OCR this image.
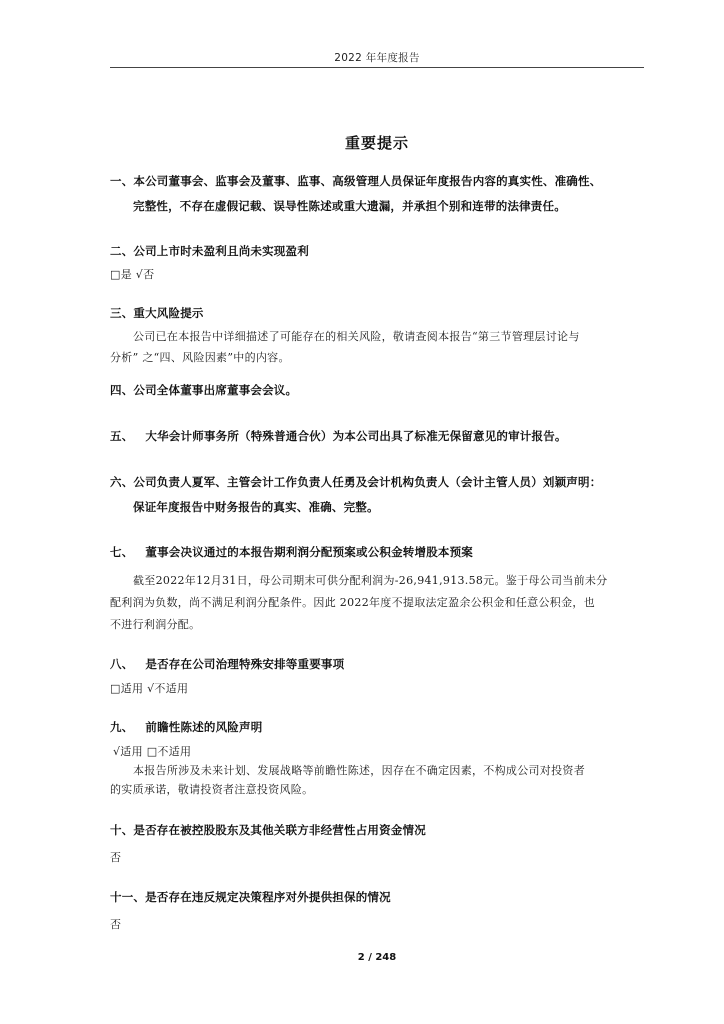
2022 年年度报告
重要提示
一、本公司董事会、监事会及董事、监事、高级管理人员保证年度报告内容的真实性、准确性、
完整性，不存在虚假记载、误导性陈述或重大遗漏，并承担个别和连带的法律责任。
二、公司上市时未盈利且尚未实现盈利
□是 √否
三、重大风险提示
公司已在本报告中详细描述了可能存在的相关风险，敬请查阅本报告“第三节管理层讨论与
分析” 之“四、风险因素”中的内容。
四、公司全体董事出席董事会会议。
五、 大华会计师事务所（特殊普通合伙）为本公司出具了标准无保留意见的审计报告。
六、公司负责人夏军、主管会计工作负责人任勇及会计机构负责人（会计主管人员）刘颖声明：
保证年度报告中财务报告的真实、准确、完整。
七、 董事会决议通过的本报告期利润分配预案或公积金转增股本预案
截至2022年12月31日，母公司期末可供分配利润为-26,941,913.58元。鉴于母公司当前未分
配利润为负数，尚不满足利润分配条件。因此 2022年度不提取法定盈余公积金和任意公积金，也
不进行利润分配。
八、 是否存在公司治理特殊安排等重要事项
□适用 √不适用
九、 前瞻性陈述的风险声明
√适用 □不适用
本报告所涉及未来计划、发展战略等前瞻性陈述，因存在不确定因素，不构成公司对投资者
的实质承诺，敬请投资者注意投资风险。
十、是否存在被控股股东及其他关联方非经营性占用资金情况
否
十一、是否存在违反规定决策程序对外提供担保的情况
否
2 / 248
